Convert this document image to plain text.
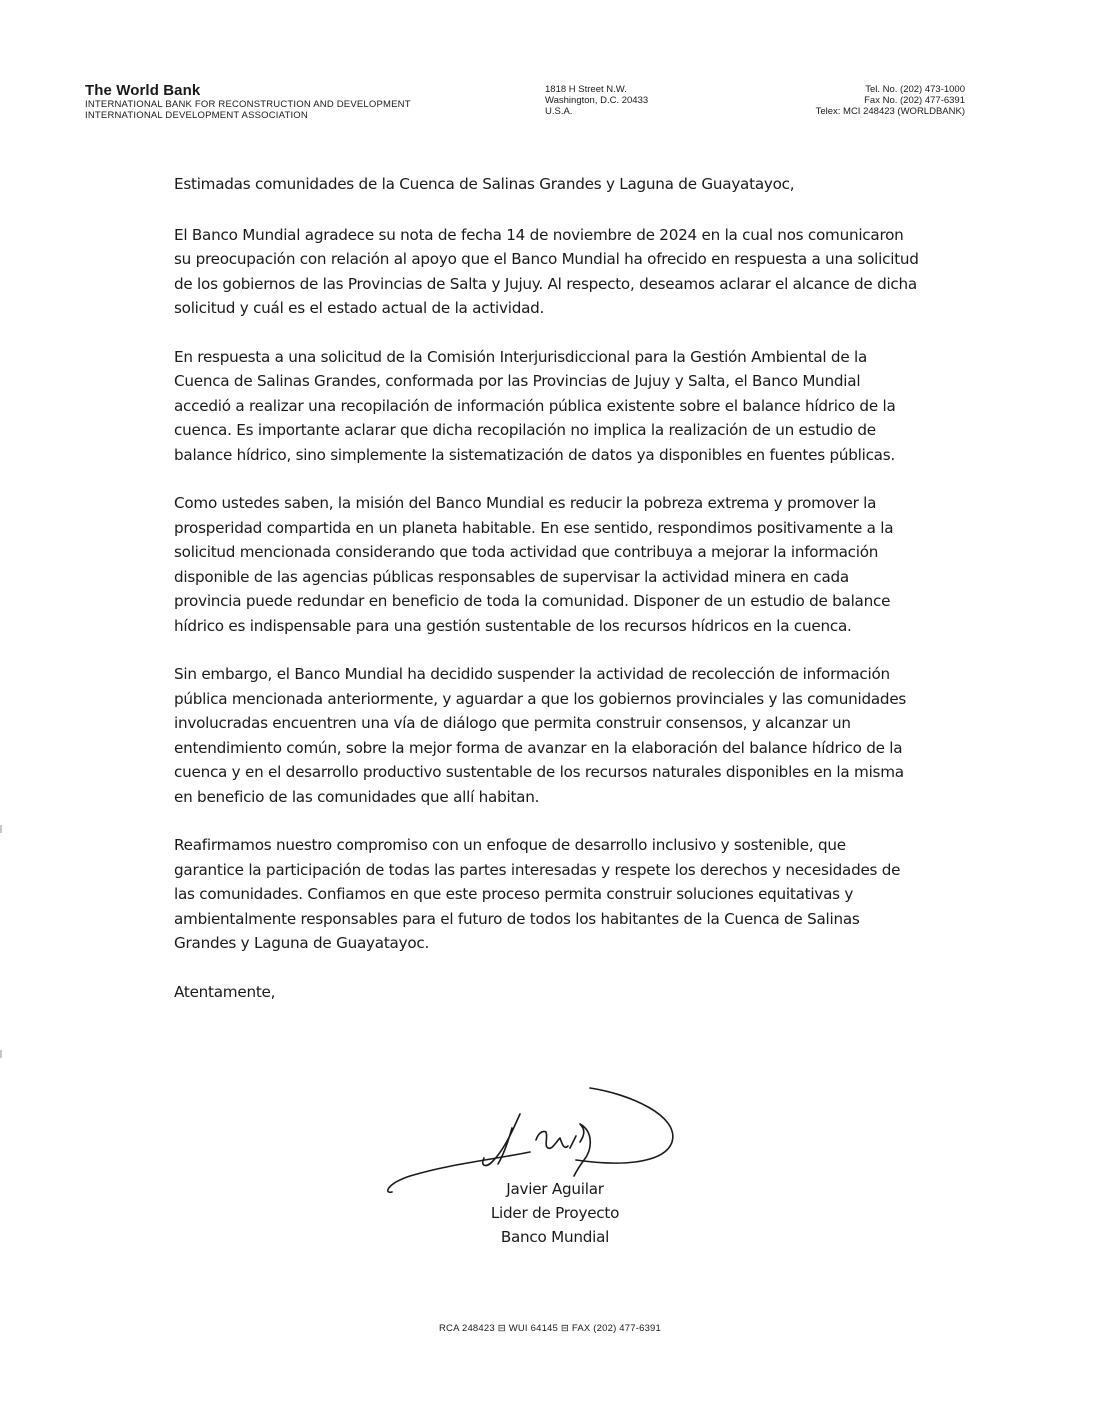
The World Bank
INTERNATIONAL BANK FOR RECONSTRUCTION AND DEVELOPMENT
INTERNATIONAL DEVELOPMENT ASSOCIATION
1818 H Street N.W.
Washington, D.C. 20433
U.S.A.
Tel. No. (202) 473-1000
Fax No. (202) 477-6391
Telex: MCI 248423 (WORLDBANK)

Estimadas comunidades de la Cuenca de Salinas Grandes y Laguna de Guayatayoc,

El Banco Mundial agradece su nota de fecha 14 de noviembre de 2024 en la cual nos comunicaron su preocupación con relación al apoyo que el Banco Mundial ha ofrecido en respuesta a una solicitud de los gobiernos de las Provincias de Salta y Jujuy. Al respecto, deseamos aclarar el alcance de dicha solicitud y cuál es el estado actual de la actividad.

En respuesta a una solicitud de la Comisión Interjurisdiccional para la Gestión Ambiental de la Cuenca de Salinas Grandes, conformada por las Provincias de Jujuy y Salta, el Banco Mundial accedió a realizar una recopilación de información pública existente sobre el balance hídrico de la cuenca. Es importante aclarar que dicha recopilación no implica la realización de un estudio de balance hídrico, sino simplemente la sistematización de datos ya disponibles en fuentes públicas.

Como ustedes saben, la misión del Banco Mundial es reducir la pobreza extrema y promover la prosperidad compartida en un planeta habitable. En ese sentido, respondimos positivamente a la solicitud mencionada considerando que toda actividad que contribuya a mejorar la información disponible de las agencias públicas responsables de supervisar la actividad minera en cada provincia puede redundar en beneficio de toda la comunidad. Disponer de un estudio de balance hídrico es indispensable para una gestión sustentable de los recursos hídricos en la cuenca.

Sin embargo, el Banco Mundial ha decidido suspender la actividad de recolección de información pública mencionada anteriormente, y aguardar a que los gobiernos provinciales y las comunidades involucradas encuentren una vía de diálogo que permita construir consensos, y alcanzar un entendimiento común, sobre la mejor forma de avanzar en la elaboración del balance hídrico de la cuenca y en el desarrollo productivo sustentable de los recursos naturales disponibles en la misma en beneficio de las comunidades que allí habitan.

Reafirmamos nuestro compromiso con un enfoque de desarrollo inclusivo y sostenible, que garantice la participación de todas las partes interesadas y respete los derechos y necesidades de las comunidades. Confiamos en que este proceso permita construir soluciones equitativas y ambientalmente responsables para el futuro de todos los habitantes de la Cuenca de Salinas Grandes y Laguna de Guayatayoc.

Atentamente,

Javier Aguilar
Lider de Proyecto
Banco Mundial
RCA 248423 ⊟ WUI 64145 ⊟ FAX (202) 477-6391
